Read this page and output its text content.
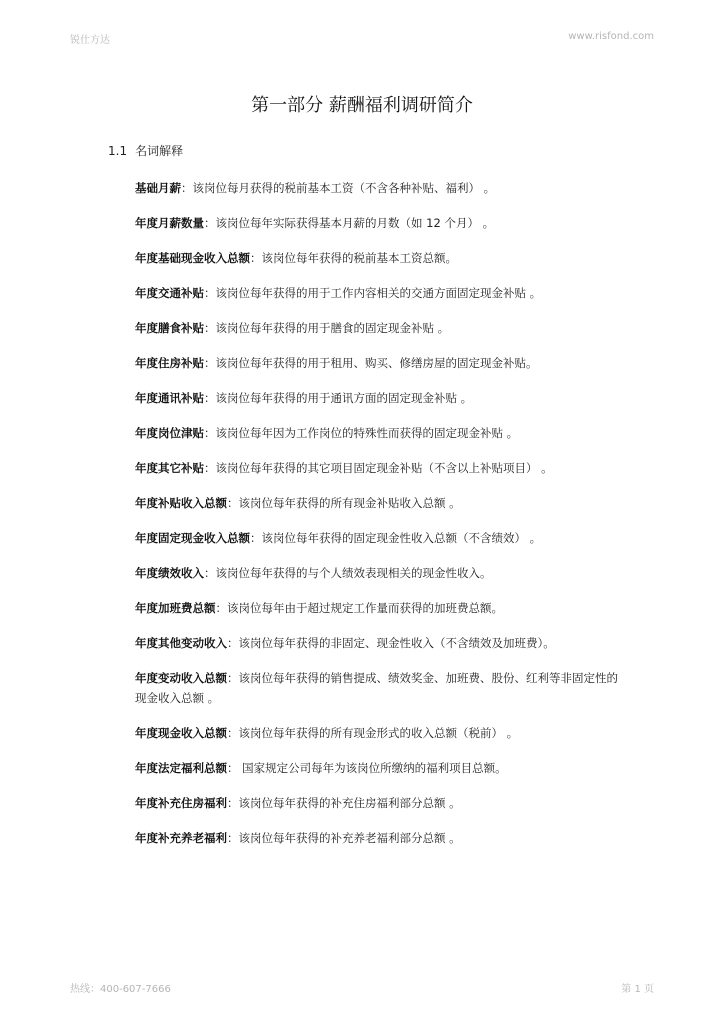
锐仕方达	www.risfond.com
第一部分 薪酬福利调研简介
1.1 名词解释
基础月薪：该岗位每月获得的税前基本工资（不含各种补贴、福利） 。
年度月薪数量：该岗位每年实际获得基本月薪的月数（如 12 个月） 。
年度基础现金收入总额：该岗位每年获得的税前基本工资总额。
年度交通补贴：该岗位每年获得的用于工作内容相关的交通方面固定现金补贴 。
年度膳食补贴：该岗位每年获得的用于膳食的固定现金补贴 。
年度住房补贴：该岗位每年获得的用于租用、购买、修缮房屋的固定现金补贴。
年度通讯补贴：该岗位每年获得的用于通讯方面的固定现金补贴 。
年度岗位津贴：该岗位每年因为工作岗位的特殊性而获得的固定现金补贴 。
年度其它补贴：该岗位每年获得的其它项目固定现金补贴（不含以上补贴项目） 。
年度补贴收入总额：该岗位每年获得的所有现金补贴收入总额 。
年度固定现金收入总额：该岗位每年获得的固定现金性收入总额（不含绩效） 。
年度绩效收入：该岗位每年获得的与个人绩效表现相关的现金性收入。
年度加班费总额：该岗位每年由于超过规定工作量而获得的加班费总额。
年度其他变动收入：该岗位每年获得的非固定、现金性收入（不含绩效及加班费）。
年度变动收入总额：该岗位每年获得的销售提成、绩效奖金、加班费、股份、红利等非固定性的现金收入总额 。
年度现金收入总额：该岗位每年获得的所有现金形式的收入总额（税前） 。
年度法定福利总额： 国家规定公司每年为该岗位所缴纳的福利项目总额。
年度补充住房福利：该岗位每年获得的补充住房福利部分总额 。
年度补充养老福利：该岗位每年获得的补充养老福利部分总额 。
热线：400-607-7666	第 1 页
